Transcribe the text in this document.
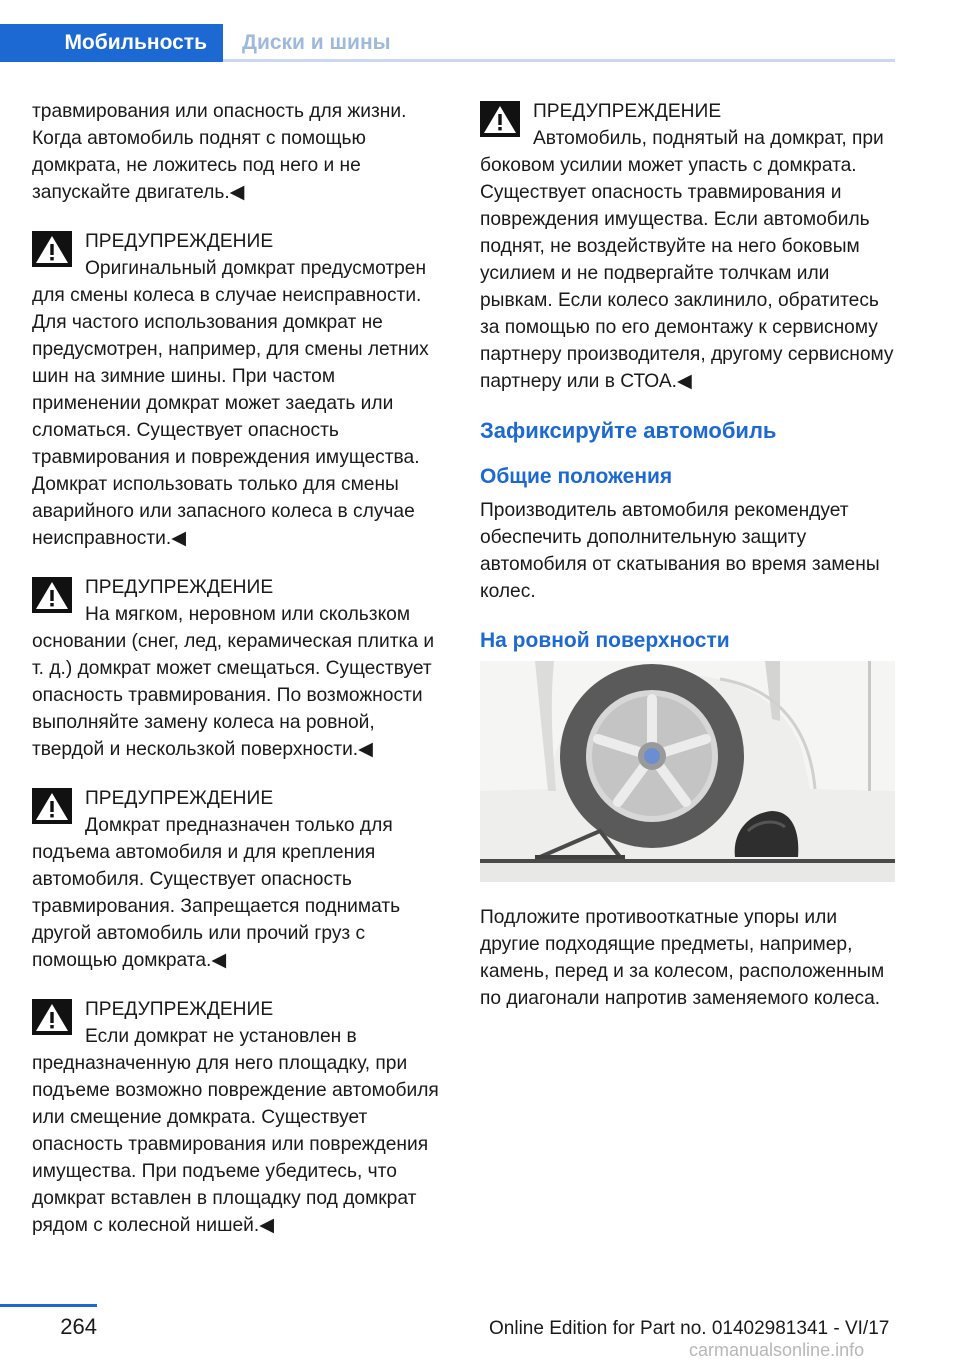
Мобильность	Диски и шины

травмирования или опасность для жизни. Когда автомобиль поднят с помощью домкрата, не ложитесь под него и не запускайте двигатель.◀

ПРЕДУПРЕЖДЕНИЕ

Оригинальный домкрат предусмотрен для смены колеса в случае неисправности. Для частого использования домкрат не предусмотрен, например, для смены летних шин на зимние шины. При частом применении домкрат может заедать или сломаться. Существует опасность травмирования и повреждения имущества. Домкрат использовать только для смены аварийного или запасного колеса в случае неисправности.◀

ПРЕДУПРЕЖДЕНИЕ

На мягком, неровном или скользком основании (снег, лед, керамическая плитка и т. д.) домкрат может смещаться. Существует опасность травмирования. По возможности выполняйте замену колеса на ровной, твердой и нескользкой поверхности.◀

ПРЕДУПРЕЖДЕНИЕ

Домкрат предназначен только для подъема автомобиля и для крепления автомобиля. Существует опасность травмирования. Запрещается поднимать другой автомобиль или прочий груз с помощью домкрата.◀

ПРЕДУПРЕЖДЕНИЕ

Если домкрат не установлен в предназначенную для него площадку, при подъеме возможно повреждение автомобиля или смещение домкрата. Существует опасность травмирования или повреждения имущества. При подъеме убедитесь, что домкрат вставлен в площадку под домкрат рядом с колесной нишей.◀

ПРЕДУПРЕЖДЕНИЕ

Автомобиль, поднятый на домкрат, при боковом усилии может упасть с домкрата. Существует опасность травмирования и повреждения имущества. Если автомобиль поднят, не воздействуйте на него боковым усилием и не подвергайте толчкам или рывкам. Если колесо заклинило, обратитесь за помощью по его демонтажу к сервисному партнеру производителя, другому сервисному партнеру или в СТОА.◀

Зафиксируйте автомобиль
Общие положения

Производитель автомобиля рекомендует обеспечить дополнительную защиту автомобиля от скатывания во время замены колес.

На ровной поверхности

Подложите противооткатные упоры или другие подходящие предметы, например, камень, перед и за колесом, расположенным по диагонали напротив заменяемого колеса.

264	Online Edition for Part no. 01402981341 - VI/17
carmanualsonline.info
